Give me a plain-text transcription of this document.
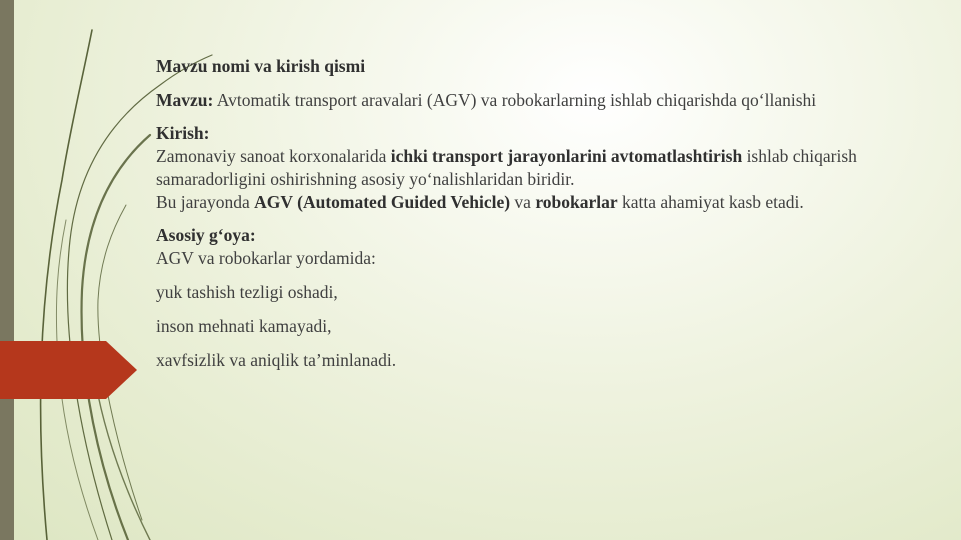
Mavzu nomi va kirish qismi

Mavzu: Avtomatik transport aravalari (AGV) va robokarlarning ishlab chiqarishda qo‘llanishi

Kirish:

Zamonaviy sanoat korxonalarida ichki transport jarayonlarini avtomatlashtirish ishlab chiqarish samaradorligini oshirishning asosiy yo‘nalishlaridan biridir.

Bu jarayonda AGV (Automated Guided Vehicle) va robokarlar katta ahamiyat kasb etadi.

Asosiy g‘oya:

AGV va robokarlar yordamida:

yuk tashish tezligi oshadi,

inson mehnati kamayadi,

xavfsizlik va aniqlik ta’minlanadi.
